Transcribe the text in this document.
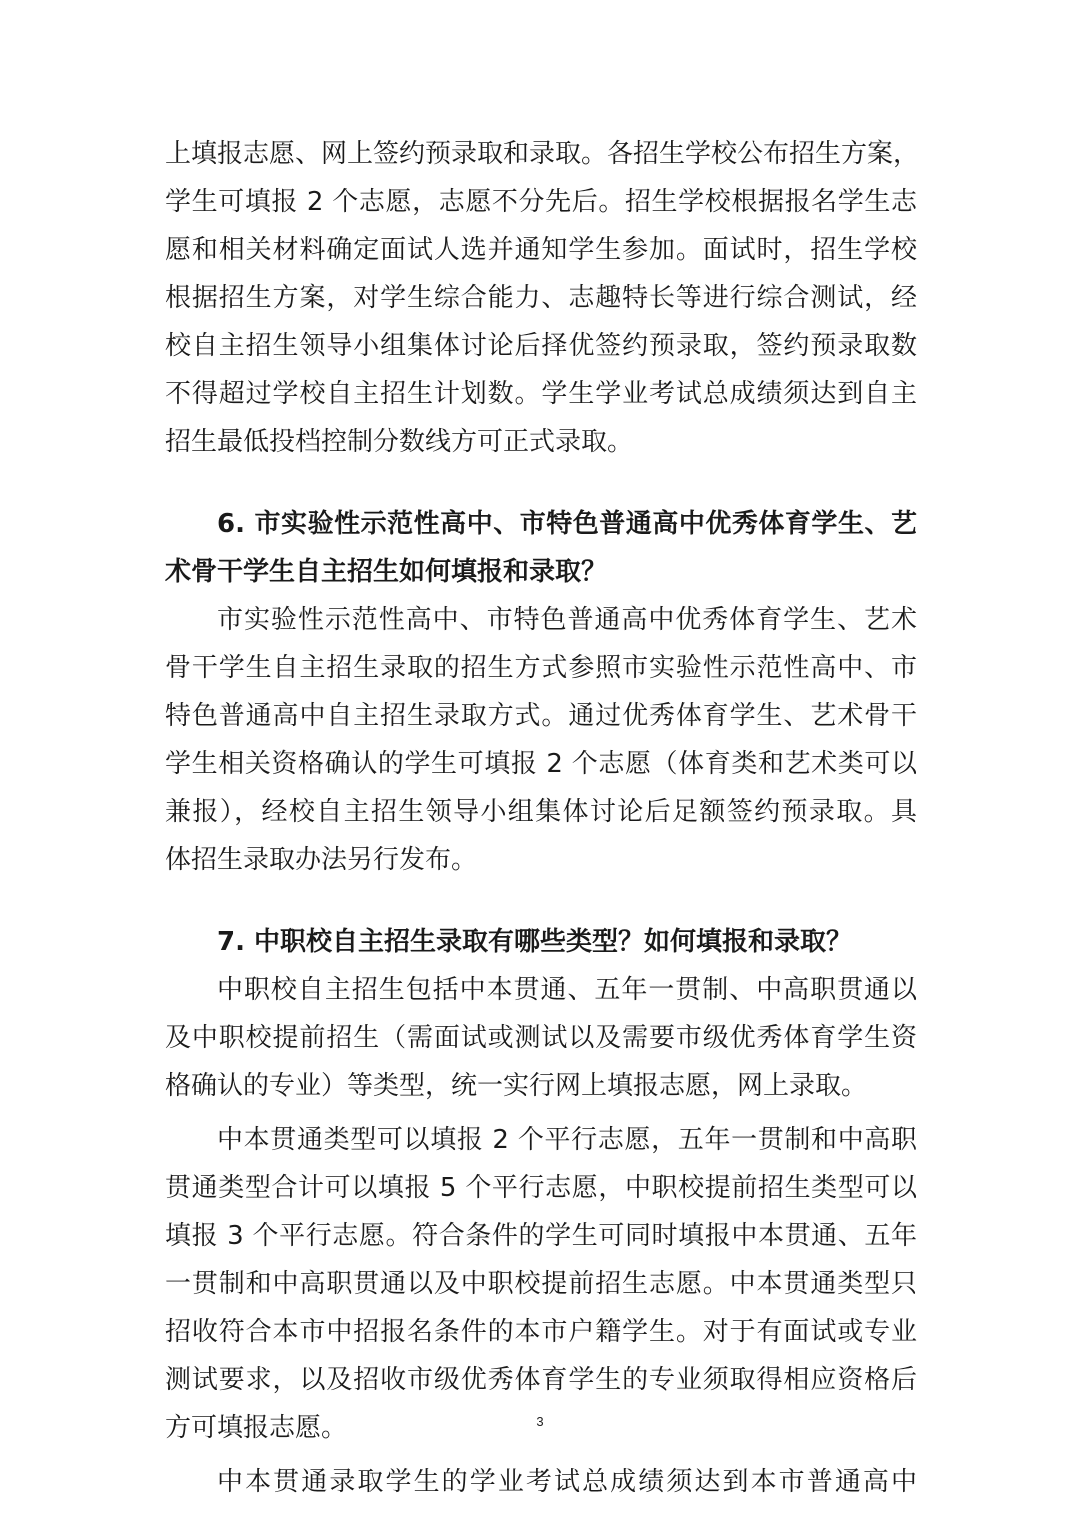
上填报志愿、网上签约预录取和录取。各招生学校公布招生方案，
学生可填报 2 个志愿，志愿不分先后。招生学校根据报名学生志
愿和相关材料确定面试人选并通知学生参加。面试时，招生学校
根据招生方案，对学生综合能力、志趣特长等进行综合测试，经
校自主招生领导小组集体讨论后择优签约预录取，签约预录取数
不得超过学校自主招生计划数。学生学业考试总成绩须达到自主
招生最低投档控制分数线方可正式录取。
6. 市实验性示范性高中、市特色普通高中优秀体育学生、艺
术骨干学生自主招生如何填报和录取？
市实验性示范性高中、市特色普通高中优秀体育学生、艺术
骨干学生自主招生录取的招生方式参照市实验性示范性高中、市
特色普通高中自主招生录取方式。通过优秀体育学生、艺术骨干
学生相关资格确认的学生可填报 2 个志愿（体育类和艺术类可以
兼报），经校自主招生领导小组集体讨论后足额签约预录取。具
体招生录取办法另行发布。
7. 中职校自主招生录取有哪些类型？如何填报和录取？
中职校自主招生包括中本贯通、五年一贯制、中高职贯通以
及中职校提前招生（需面试或测试以及需要市级优秀体育学生资
格确认的专业）等类型，统一实行网上填报志愿，网上录取。
中本贯通类型可以填报 2 个平行志愿，五年一贯制和中高职
贯通类型合计可以填报 5 个平行志愿，中职校提前招生类型可以
填报 3 个平行志愿。符合条件的学生可同时填报中本贯通、五年
一贯制和中高职贯通以及中职校提前招生志愿。中本贯通类型只
招收符合本市中招报名条件的本市户籍学生。对于有面试或专业
测试要求，以及招收市级优秀体育学生的专业须取得相应资格后
方可填报志愿。
中本贯通录取学生的学业考试总成绩须达到本市普通高中
3
